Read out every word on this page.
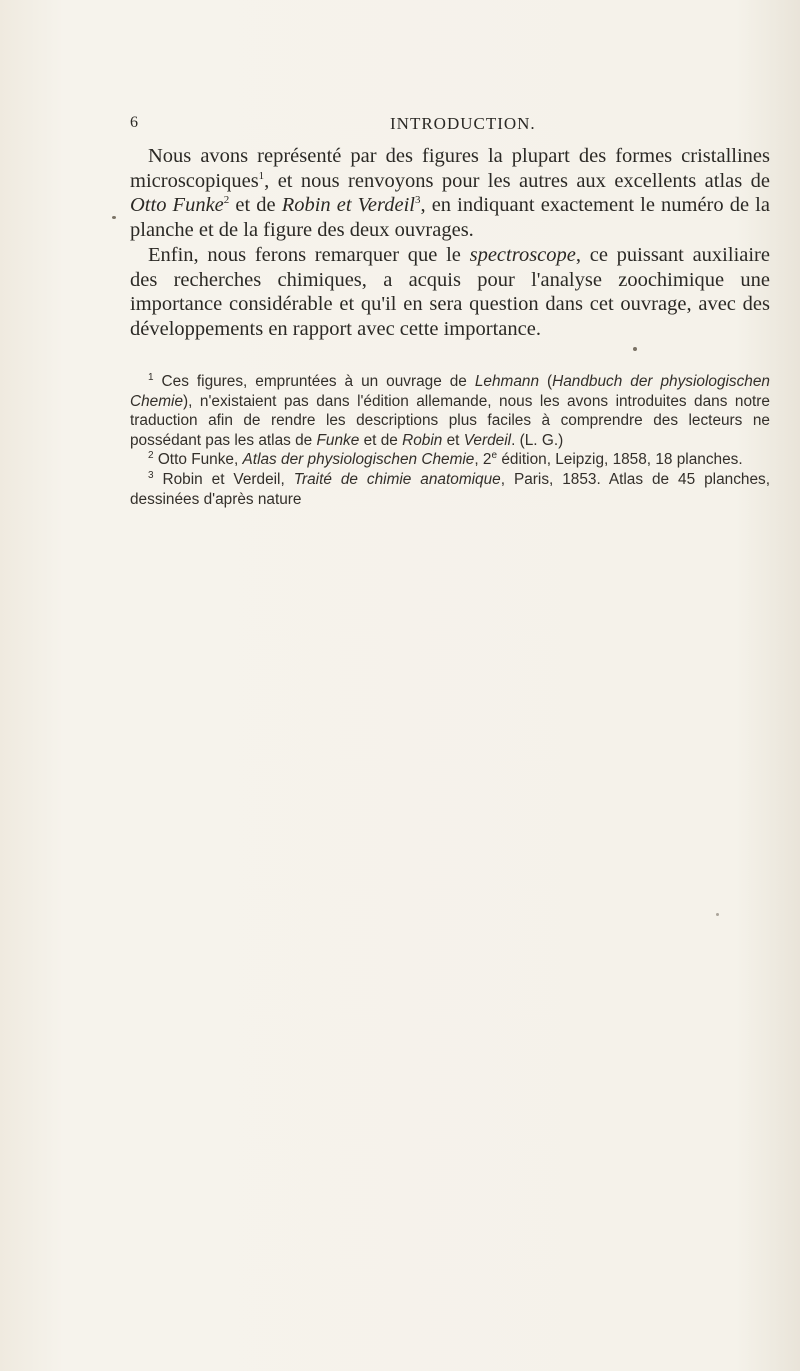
6	INTRODUCTION.

Nous avons représenté par des figures la plupart des formes cristallines microscopiques$^1$, et nous renvoyons pour les autres aux excellents atlas de Otto Funke$^2$ et de Robin et Verdeil$^3$, en indiquant exactement le numéro de la planche et de la figure des deux ouvrages.

Enfin, nous ferons remarquer que le spectroscope, ce puissant auxiliaire des recherches chimiques, a acquis pour l'analyse zoochimique une importance considérable et qu'il en sera question dans cet ouvrage, avec des développements en rapport avec cette importance.

$^1$ Ces figures, empruntées à un ouvrage de Lehmann (Handbuch der physiologischen Chemie), n'existaient pas dans l'édition allemande, nous les avons introduites dans notre traduction afin de rendre les descriptions plus faciles à comprendre des lecteurs ne possédant pas les atlas de Funke et de Robin et Verdeil. (L. G.)

$^2$ Otto Funke, Atlas der physiologischen Chemie, 2e édition, Leipzig, 1858, 18 planches.

$^3$ Robin et Verdeil, Traité de chimie anatomique, Paris, 1853. Atlas de 45 planches, dessinées d'après nature
